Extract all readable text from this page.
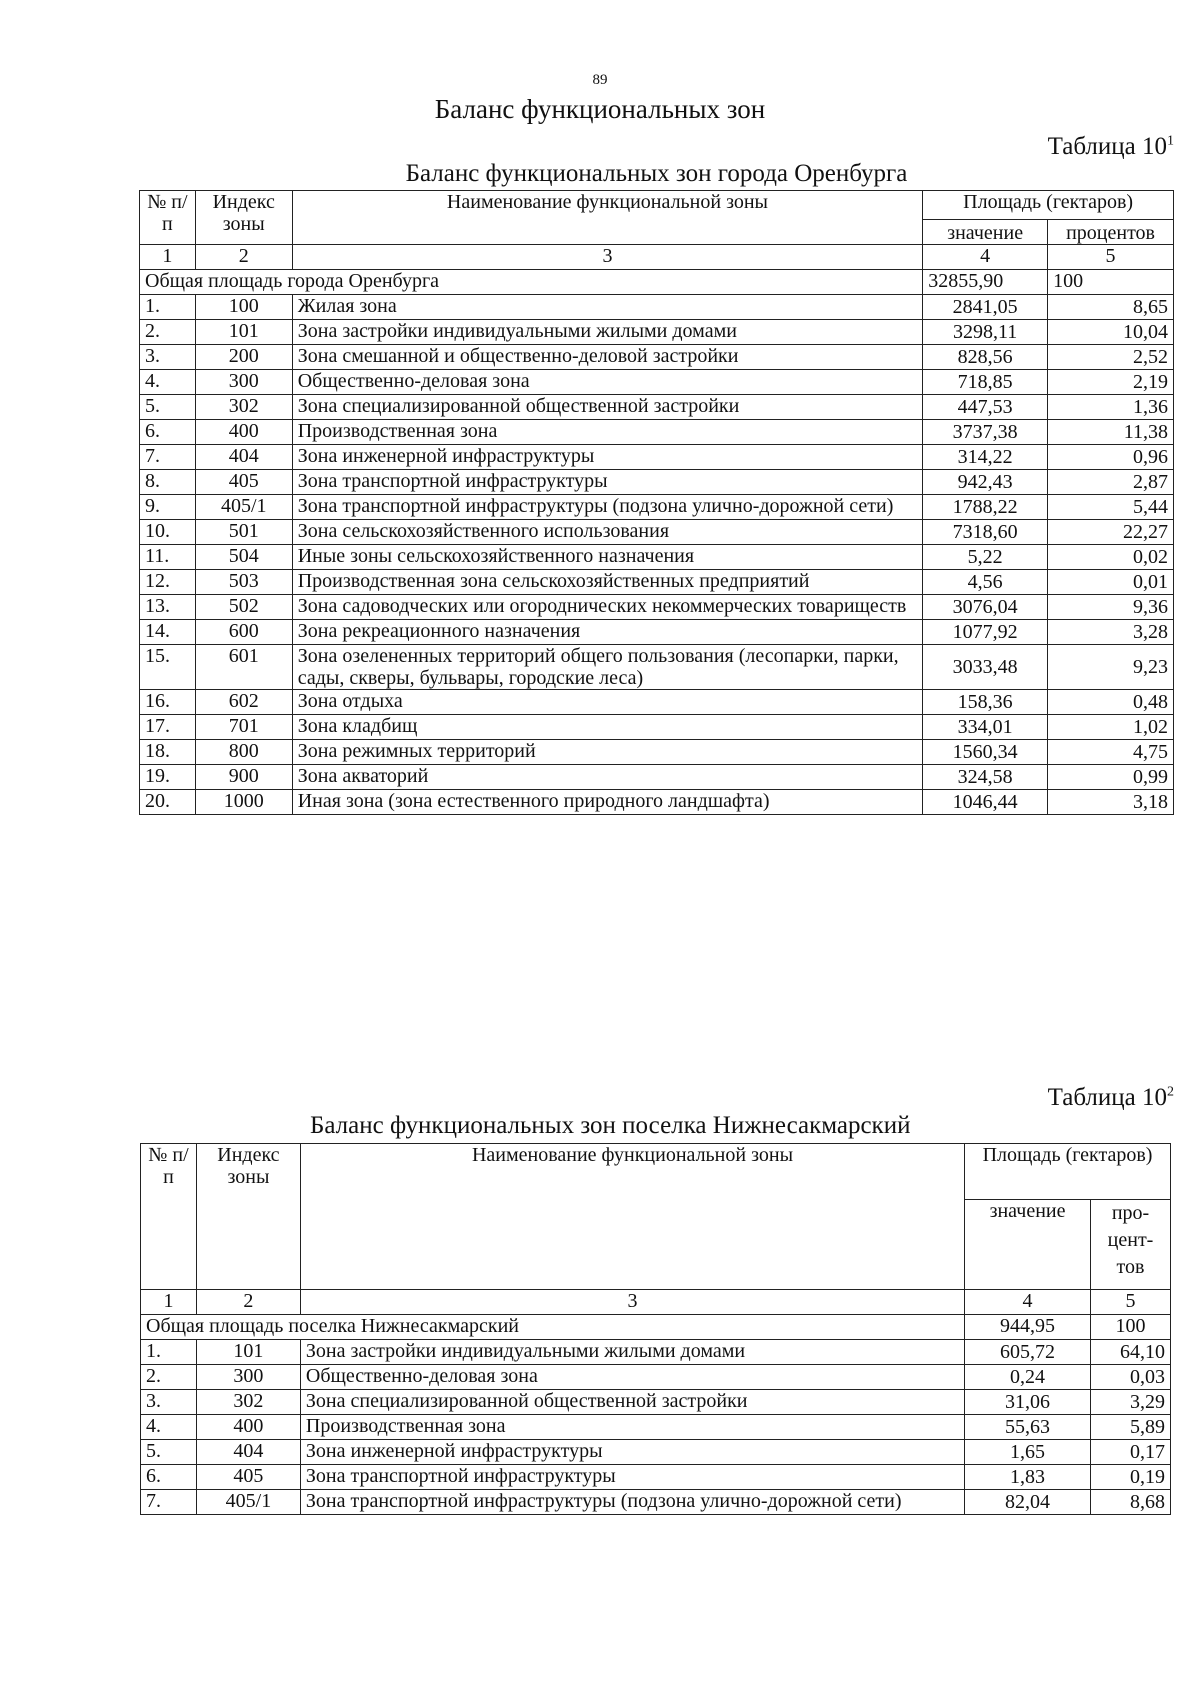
89
Баланс функциональных зон
Таблица $10^1$
Баланс функциональных зон города Оренбурга
№ п/п	Индекс зоны	Наименование функциональной зоны	Площадь (гектаров)	
			значение	процентов
1	2	3	4	5
Общая площадь города Оренбурга			32855,90	100
1.	100	Жилая зона	2841,05	8,65
2.	101	Зона застройки индивидуальными жилыми домами	3298,11	10,04
3.	200	Зона смешанной и общественно-деловой застройки	828,56	2,52
4.	300	Общественно-деловая зона	718,85	2,19
5.	302	Зона специализированной общественной застройки	447,53	1,36
6.	400	Производственная зона	3737,38	11,38
7.	404	Зона инженерной инфраструктуры	314,22	0,96
8.	405	Зона транспортной инфраструктуры	942,43	2,87
9.	405/1	Зона транспортной инфраструктуры (подзона улично-дорожной сети)	1788,22	5,44
10.	501	Зона сельскохозяйственного использования	7318,60	22,27
11.	504	Иные зоны сельскохозяйственного назначения	5,22	0,02
12.	503	Производственная зона сельскохозяйственных предприятий	4,56	0,01
13.	502	Зона садоводческих или огороднических некоммерческих товариществ	3076,04	9,36
14.	600	Зона рекреационного назначения	1077,92	3,28
15.	601	Зона озелененных территорий общего пользования (лесопарки, парки, сады, скверы, бульвары, городские леса)	3033,48	9,23
16.	602	Зона отдыха	158,36	0,48
17.	701	Зона кладбищ	334,01	1,02
18.	800	Зона режимных территорий	1560,34	4,75
19.	900	Зона акваторий	324,58	0,99
20.	1000	Иная зона (зона естественного природного ландшафта)	1046,44	3,18
Таблица $10^2$
Баланс функциональных зон поселка Нижнесакмарский
№ п/п	Индекс зоны	Наименование функциональной зоны	Площадь (гектаров)	
			значение	про-цент-тов
1	2	3	4	5
Общая площадь поселка Нижнесакмарский			944,95	100
1.	101	Зона застройки индивидуальными жилыми домами	605,72	64,10
2.	300	Общественно-деловая зона	0,24	0,03
3.	302	Зона специализированной общественной застройки	31,06	3,29
4.	400	Производственная зона	55,63	5,89
5.	404	Зона инженерной инфраструктуры	1,65	0,17
6.	405	Зона транспортной инфраструктуры	1,83	0,19
7.	405/1	Зона транспортной инфраструктуры (подзона улично-дорожной сети)	82,04	8,68
